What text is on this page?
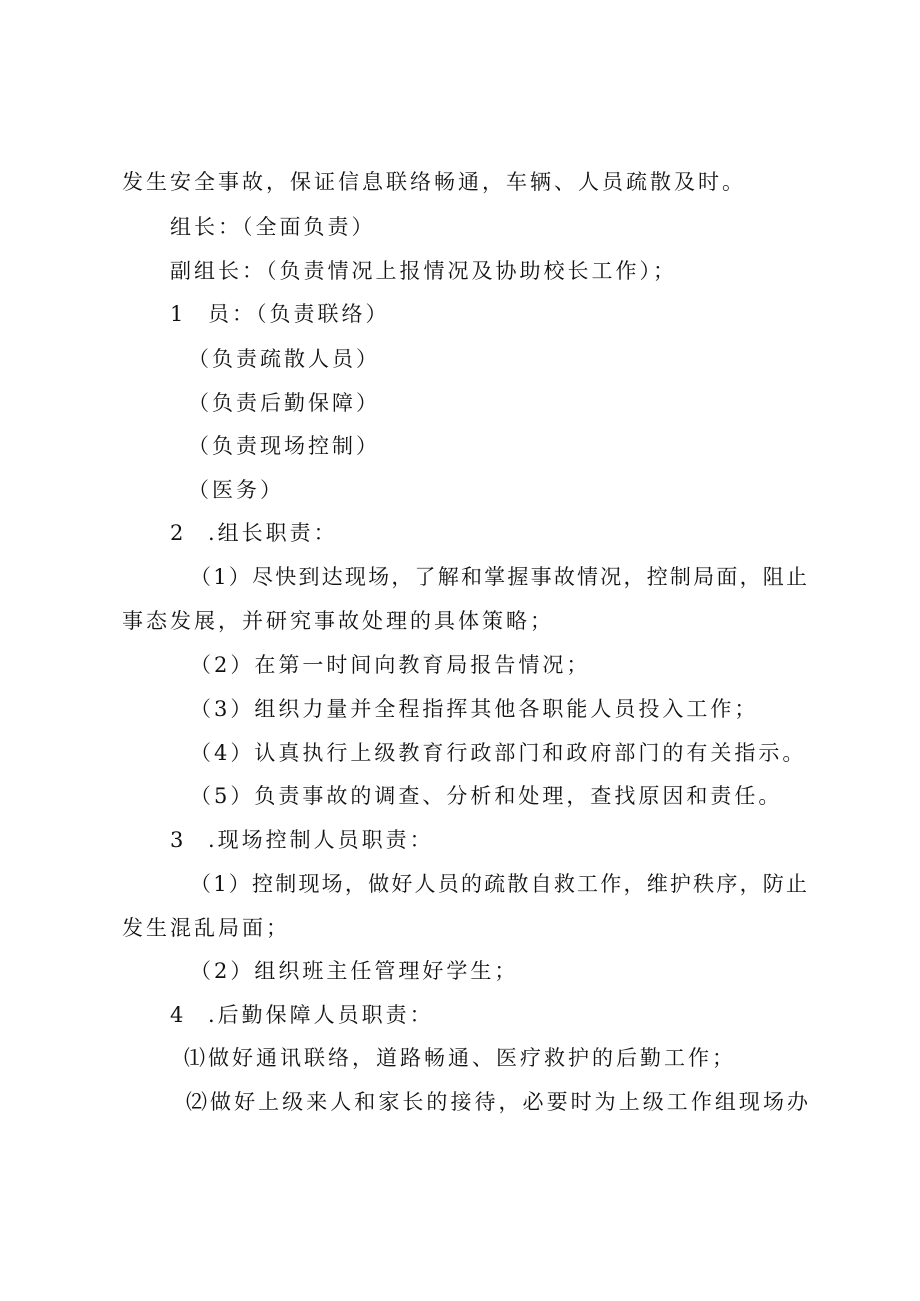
发生安全事故，保证信息联络畅通，车辆、人员疏散及时。
组长：（全面负责）
副组长：（负责情况上报情况及协助校长工作）；
1 员：（负责联络）
（负责疏散人员）
（负责后勤保障）
（负责现场控制）
（医务）
2 .组长职责：
（1）尽快到达现场，了解和掌握事故情况，控制局面，阻止
事态发展，并研究事故处理的具体策略；
（2）在第一时间向教育局报告情况；
（3）组织力量并全程指挥其他各职能人员投入工作；
（4）认真执行上级教育行政部门和政府部门的有关指示。
（5）负责事故的调查、分析和处理，查找原因和责任。
3 .现场控制人员职责：
（1）控制现场，做好人员的疏散自救工作，维护秩序，防止
发生混乱局面；
（2）组织班主任管理好学生；
4 .后勤保障人员职责：
⑴做好通讯联络，道路畅通、医疗救护的后勤工作；
⑵做好上级来人和家长的接待，必要时为上级工作组现场办
